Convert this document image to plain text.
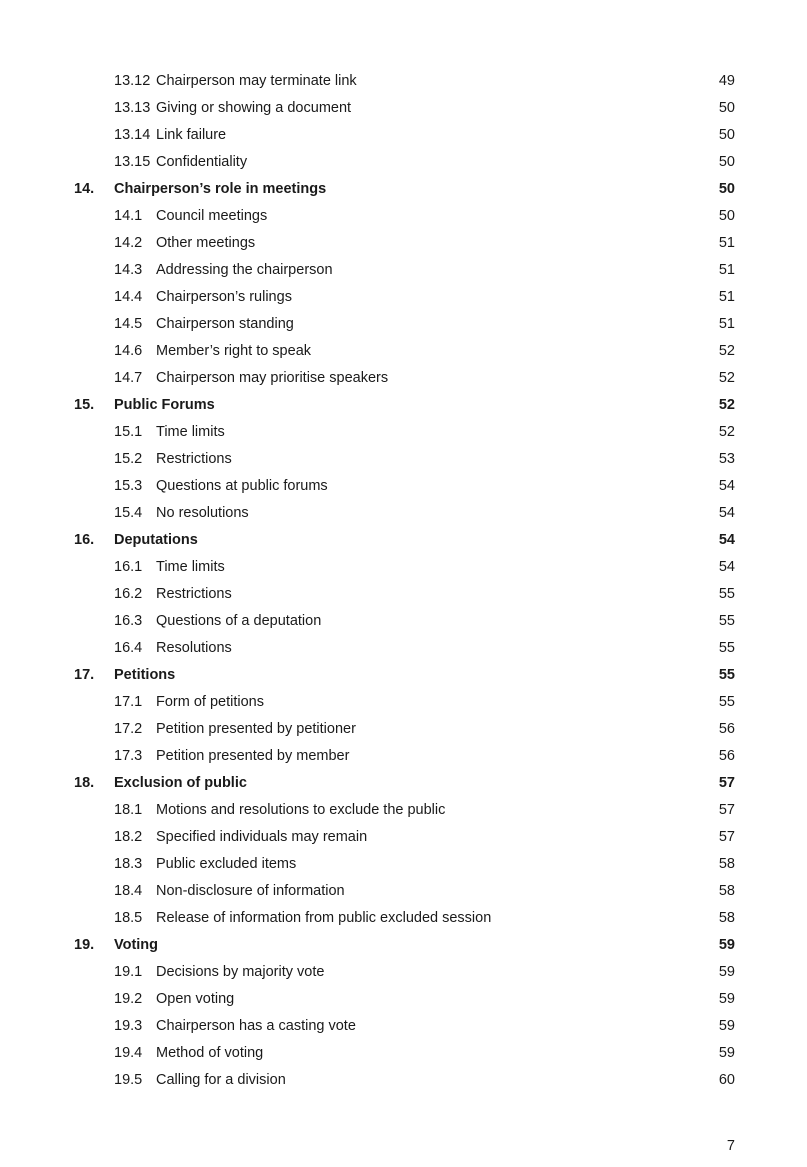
13.12 Chairperson may terminate link	49
13.13 Giving or showing a document	50
13.14 Link failure	50
13.15 Confidentiality	50
14. Chairperson’s role in meetings	50
14.1 Council meetings	50
14.2 Other meetings	51
14.3 Addressing the chairperson	51
14.4 Chairperson’s rulings	51
14.5 Chairperson standing	51
14.6 Member’s right to speak	52
14.7 Chairperson may prioritise speakers	52
15. Public Forums	52
15.1 Time limits	52
15.2 Restrictions	53
15.3 Questions at public forums	54
15.4 No resolutions	54
16. Deputations	54
16.1 Time limits	54
16.2 Restrictions	55
16.3 Questions of a deputation	55
16.4 Resolutions	55
17. Petitions	55
17.1 Form of petitions	55
17.2 Petition presented by petitioner	56
17.3 Petition presented by member	56
18. Exclusion of public	57
18.1 Motions and resolutions to exclude the public	57
18.2 Specified individuals may remain	57
18.3 Public excluded items	58
18.4 Non-disclosure of information	58
18.5 Release of information from public excluded session	58
19. Voting	59
19.1 Decisions by majority vote	59
19.2 Open voting	59
19.3 Chairperson has a casting vote	59
19.4 Method of voting	59
19.5 Calling for a division	60
7
